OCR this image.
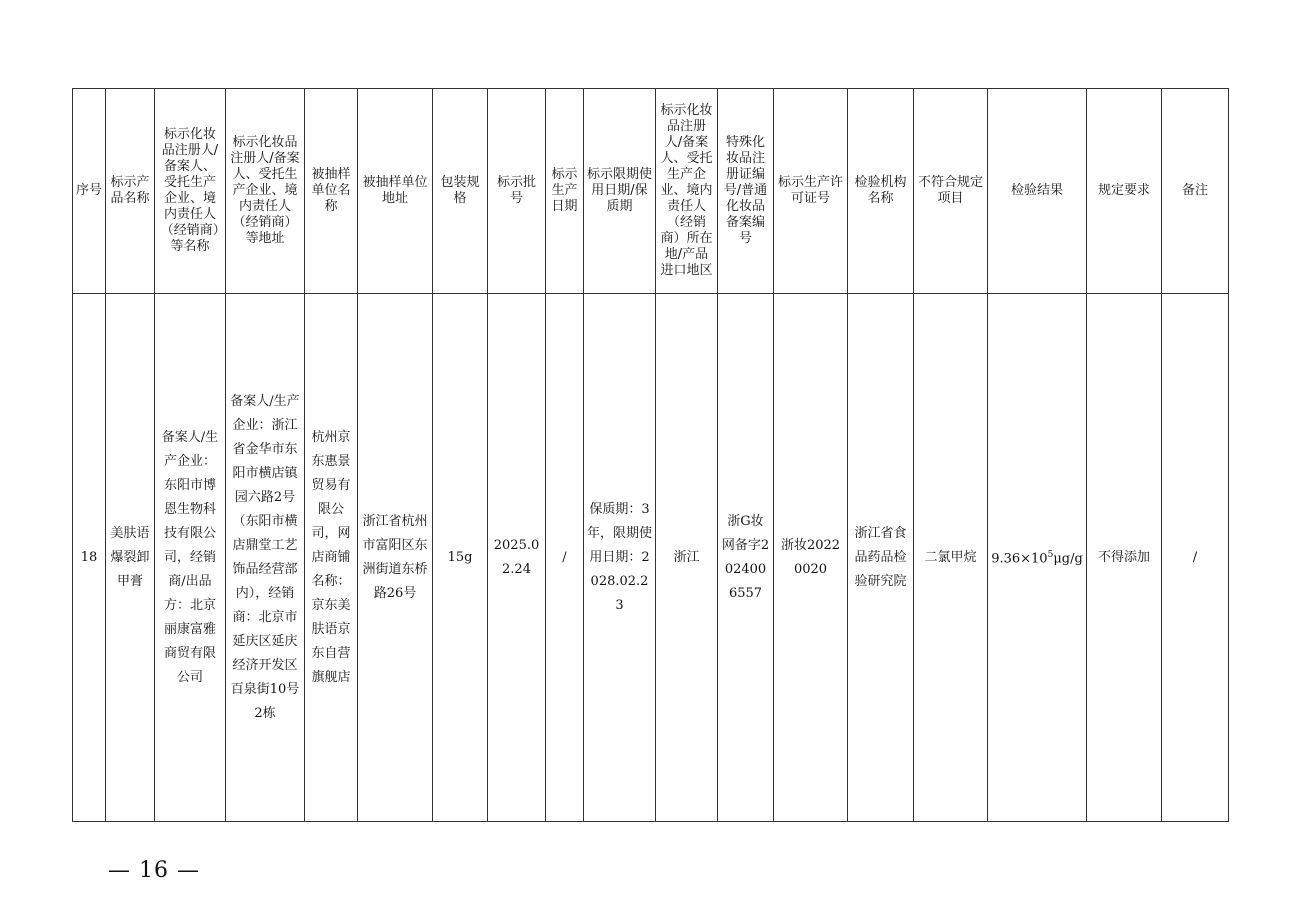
序号	标示产品名称	标示化妆品注册人/备案人、受托生产企业、境内责任人（经销商）等名称	标示化妆品注册人/备案人、受托生产企业、境内责任人（经销商）等地址	被抽样单位名称	被抽样单位地址	包装规格	标示批号	标示生产日期	标示限期使用日期/保质期	标示化妆品注册人/备案人、受托生产企业、境内责任人（经销商）所在地/产品进口地区	特殊化妆品注册证编号/普通化妆品备案编号	标示生产许可证号	检验机构名称	不符合规定项目	检验结果	规定要求	备注
18	美肤语爆裂卸甲膏	备案人/生产企业：东阳市博恩生物科技有限公司，经销商/出品方：北京丽康富雅商贸有限公司	备案人/生产企业：浙江省金华市东阳市横店镇园六路2号（东阳市横店鼎堂工艺饰品经营部内），经销商：北京市延庆区延庆经济开发区百泉街10号2栋	杭州京东惠景贸易有限公司，网店商铺名称：京东美肤语京东自营旗舰店	浙江省杭州市富阳区东洲街道东桥路26号	15g	2025.02.24	/	保质期：3年，限期使用日期：2028.02.23	浙江	浙G妆网备字2024006557	浙妆20220020	浙江省食品药品检验研究院	二氯甲烷	$9.36\times 10^5\mu g/g$	不得添加	/
— 16 —
